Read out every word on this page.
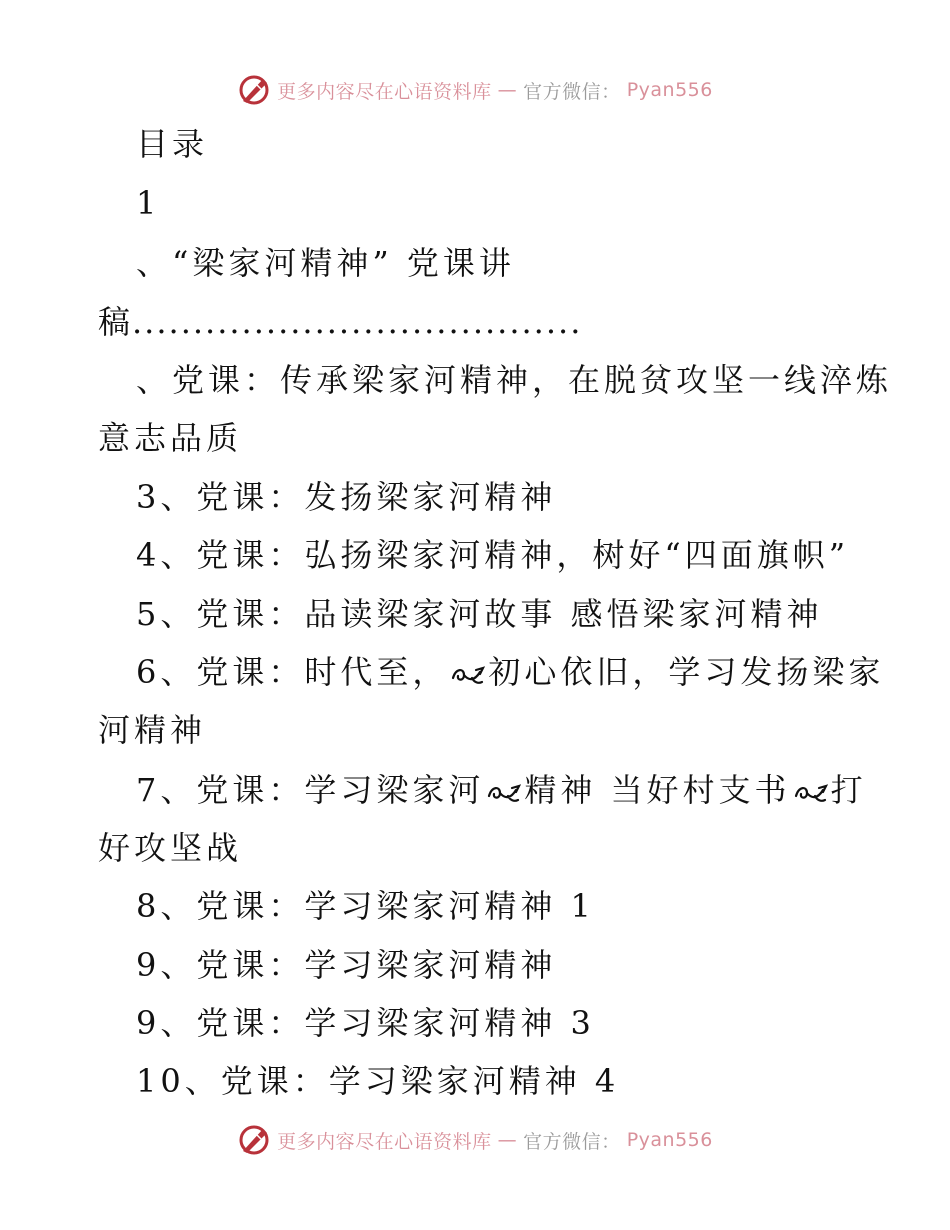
更多内容尽在心语资料库 — 官方微信： Pyan556
目录
1
、“梁家河精神” 党课讲
稿.....................................
、党课：传承梁家河精神，在脱贫攻坚一线淬炼
意志品质
3、党课：发扬梁家河精神
4、党课：弘扬梁家河精神，树好“四面旗帜”
5、党课：品读梁家河故事 感悟梁家河精神
6、党课：时代至， 初心依旧，学习发扬梁家
河精神
7、党课：学习梁家河 精神 当好村支书 打
好攻坚战
8、党课：学习梁家河精神 1
9、党课：学习梁家河精神
9、党课：学习梁家河精神 3
10、党课：学习梁家河精神 4
更多内容尽在心语资料库 — 官方微信： Pyan556
